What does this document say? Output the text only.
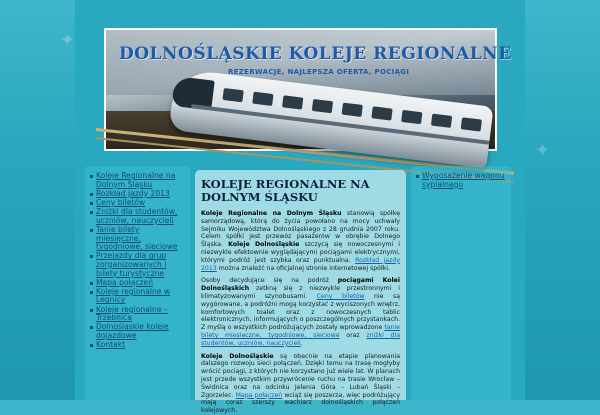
✦
✦
DOLNOŚLĄSKIE KOLEJE REGIONALNE
REZERWACJE, NAJLEPSZA OFERTA, POCIĄGI
Koleje Regionalne na Dolnym Śląsku
Rozkład jazdy 2013
Ceny biletów
Zniżki dla studentów, uczniów, nauczycieli
Tanie bilety miesięczne, tygodniowe, sieciowe
Przejazdy dla grup zorganizowanych i bilety turystyczne
Mapa połączeń
Koleje regionalne w Legnicy
Koleje regionalne – Trzebnica
Dolnośląskie koleje dojazdowe
Kontakt
KOLEJE REGIONALNE NA DOLNYM ŚLĄSKU

Koleje Regionalne na Dolnym Śląsku stanowią spółkę samorządową, którą do życia powołano na mocy uchwały Sejmiku Województwa Dolnośląskiego z 28 grudnia 2007 roku. Celem spółki jest przewóz pasażerów w obrębie Dolnego Śląska. Koleje Dolnośląskie szczycą się nowoczesnymi i niezwykle efektownie wyglądającymi pociągami elektrycznymi, którymi podróż jest szybka oraz punktualna. Rozkład jazdy 2013 można znaleźć na oficjalnej stronie internetowej spółki.

Osoby decydujące się na podróż pociągami Kolei Dolnośląskich zetkną się z niezwykle przestronnymi i klimatyzowanymi szynobusami. Ceny biletów nie są wygórowane, a podróżni mogą korzystać z wyciszonych wnętrz, komfortowych toalet oraz z nowoczesnych tablic elektronicznych, informujących o poszczególnych przystankach. Z myślą o wszystkich podróżujących zostały wprowadzone tanie bilety miesięczne, tygodniowe, sieciowe oraz zniżki dla studentów, uczniów, nauczycieli.

Koleje Dolnośląskie są obecnie na etapie planowania dalszego rozwoju sieci połączeń. Dzięki temu na trasę mogłyby wrócić pociągi, z których nie korzystano już wiele lat. W planach jest przede wszystkim przywrócenie ruchu na trasie Wrocław – Świdnica oraz na odcinku Jelenia Góra – Lubań Śląski – Zgorzelec. Mapa połączeń wciąż się poszerza, więc podróżujący mają coraz szerszy wachlarz dolnośląskich połączeń kolejowych.

Wyposażenie wagonu sypialnego
